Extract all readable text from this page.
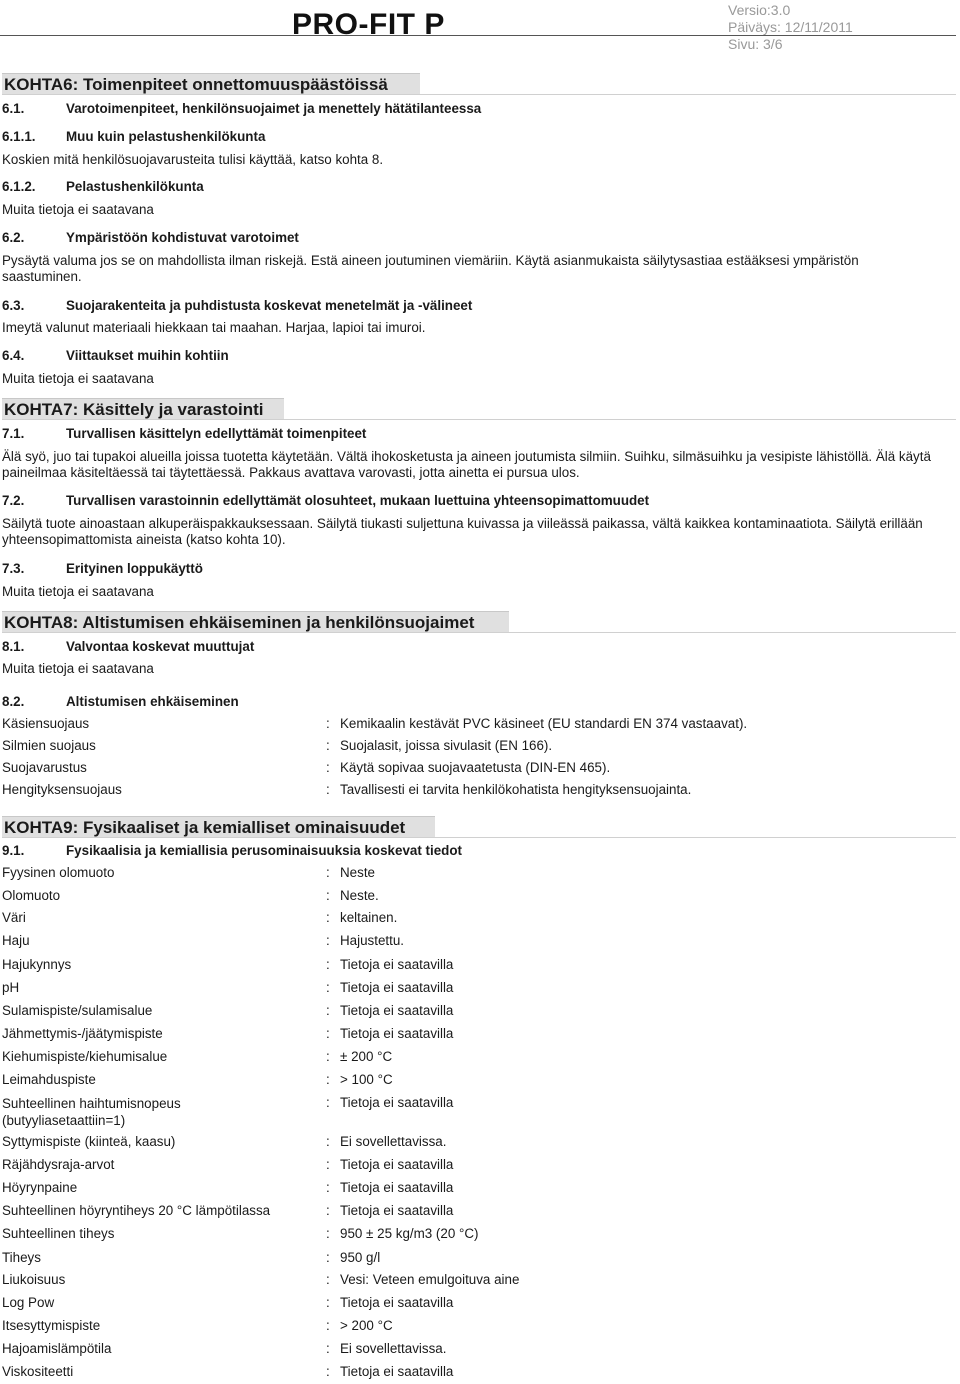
PRO-FIT P	Versio:3.0
Päiväys: 12/11/2011
Sivu: 3/6
KOHTA6: Toimenpiteet onnettomuuspäästöissä
6.1.	Varotoimenpiteet, henkilönsuojaimet ja menettely hätätilanteessa
6.1.1. Muu kuin pelastushenkilökunta
Koskien mitä henkilösuojavarusteita tulisi käyttää, katso kohta 8.
6.1.2. Pelastushenkilökunta
Muita tietoja ei saatavana
6.2.	Ympäristöön kohdistuvat varotoimet
Pysäytä valuma jos se on mahdollista ilman riskejä. Estä aineen joutuminen viemäriin. Käytä asianmukaista säilytysastiaa estääksesi ympäristön saastuminen.
6.3.	Suojarakenteita ja puhdistusta koskevat menetelmät ja -välineet
Imeytä valunut materiaali hiekkaan tai maahan. Harjaa, lapioi tai imuroi.
6.4.	Viittaukset muihin kohtiin
Muita tietoja ei saatavana
KOHTA7: Käsittely ja varastointi
7.1.	Turvallisen käsittelyn edellyttämät toimenpiteet
Älä syö, juo tai tupakoi alueilla joissa tuotetta käytetään. Vältä ihokosketusta ja aineen joutumista silmiin. Suihku, silmäsuihku ja vesipiste lähistöllä. Älä käytä paineilmaa käsiteltäessä tai täytettäessä. Pakkaus avattava varovasti, jotta ainetta ei pursua ulos.
7.2.	Turvallisen varastoinnin edellyttämät olosuhteet, mukaan luettuina yhteensopimattomuudet
Säilytä tuote ainoastaan alkuperäispakkauksessaan. Säilytä tiukasti suljettuna kuivassa ja viileässä paikassa, vältä kaikkea kontaminaatiota. Säilytä erillään yhteensopimattomista aineista (katso kohta 10).
7.3.	Erityinen loppukäyttö
Muita tietoja ei saatavana
KOHTA8: Altistumisen ehkäiseminen ja henkilönsuojaimet
8.1.	Valvontaa koskevat muuttujat
Muita tietoja ei saatavana
8.2.	Altistumisen ehkäiseminen
Käsiensuojaus	: Kemikaalin kestävät PVC käsineet (EU standardi EN 374 vastaavat).
Silmien suojaus	: Suojalasit, joissa sivulasit (EN 166).
Suojavarustus	: Käytä sopivaa suojavaatetusta (DIN-EN 465).
Hengityksensuojaus	: Tavallisesti ei tarvita henkilökohatista hengityksensuojainta.
KOHTA9: Fysikaaliset ja kemialliset ominaisuudet
9.1.	Fysikaalisia ja kemiallisia perusominaisuuksia koskevat tiedot
Fyysinen olomuoto	: Neste
Olomuoto	: Neste.
Väri	: keltainen.
Haju	: Hajustettu.
Hajukynnys	: Tietoja ei saatavilla
pH	: Tietoja ei saatavilla
Sulamispiste/sulamisalue	: Tietoja ei saatavilla
Jähmettymis-/jäätymispiste	: Tietoja ei saatavilla
Kiehumispiste/kiehumisalue	: ± 200 °C
Leimahduspiste	: > 100 °C
Suhteellinen haihtumisnopeus (butyyliasetaattiin=1)
: Tietoja ei saatavilla
Syttymispiste (kiinteä, kaasu)	: Ei sovellettavissa.
Räjähdysraja-arvot	: Tietoja ei saatavilla
Höyrynpaine	: Tietoja ei saatavilla
Suhteellinen höyryntiheys 20 °C lämpötilassa	: Tietoja ei saatavilla
Suhteellinen tiheys	: 950 ± 25 kg/m3 (20 °C)
Tiheys	: 950 g/l
Liukoisuus	: Vesi: Veteen emulgoituva aine
Log Pow	: Tietoja ei saatavilla
Itsesyttymispiste	: > 200 °C
Hajoamislämpötila	: Ei sovellettavissa.
Viskositeetti	: Tietoja ei saatavilla
